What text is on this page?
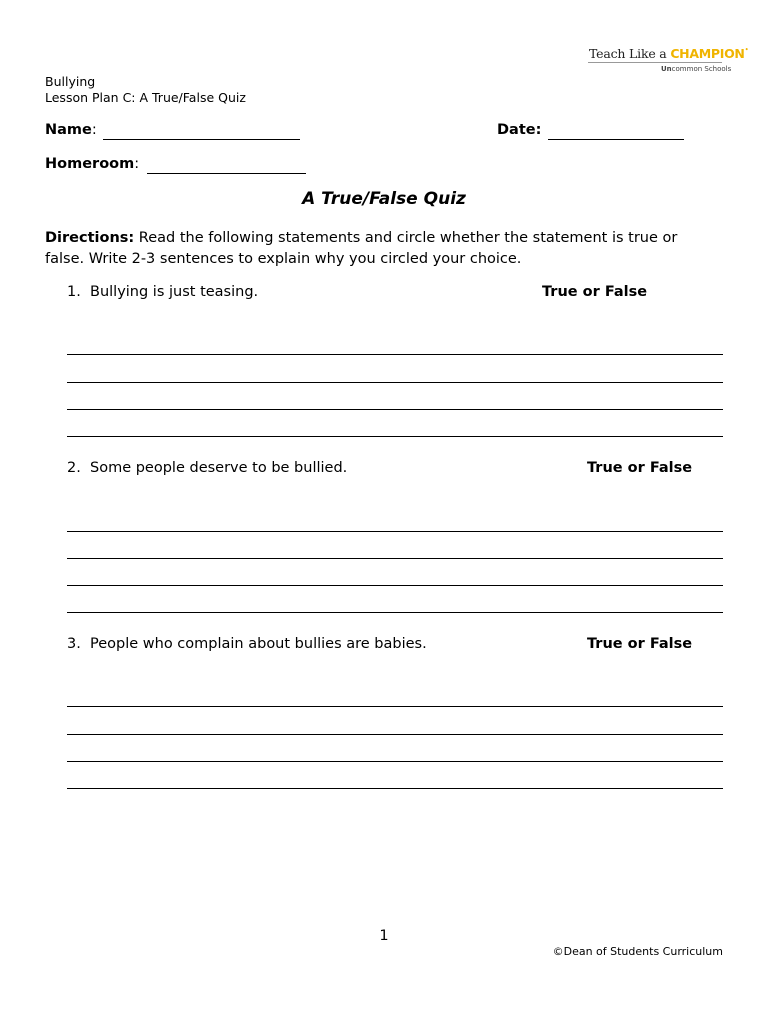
Teach Like a CHAMPION•
Uncommon Schools
Bullying
Lesson Plan C: A True/False Quiz
Name:	Date:
Homeroom:
A True/False Quiz
Directions: Read the following statements and circle whether the statement is true or false. Write 2-3 sentences to explain why you circled your choice.
1. Bullying is just teasing.	True or False
2. Some people deserve to be bullied.	True or False
3. People who complain about bullies are babies.	True or False
1
©Dean of Students Curriculum
